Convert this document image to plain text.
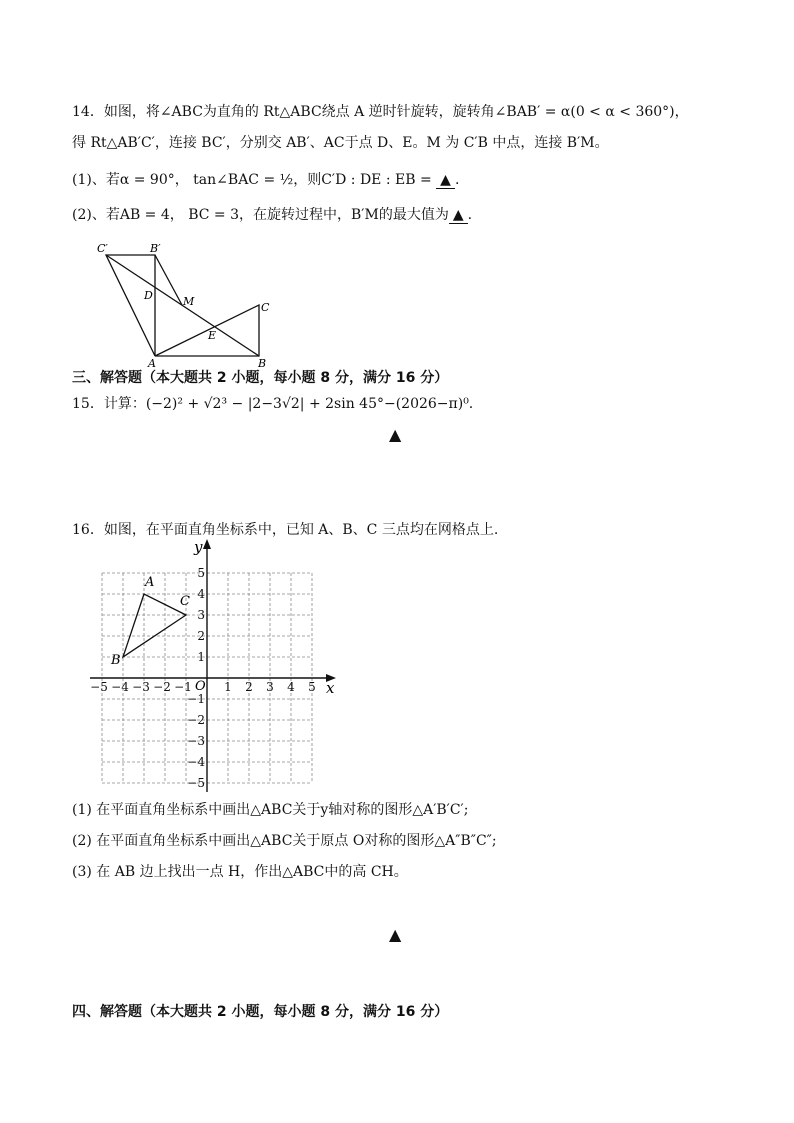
14．如图，将∠ABC为直角的 Rt△ABC绕点 A 逆时针旋转，旋转角∠BAB′ = α(0 < α < 360°)，
得 Rt△AB′C′，连接 BC′，分别交 AB′、AC于点 D、E。M 为 C′B 中点，连接 B′M。
(1)、若α = 90°， tan∠BAC = ½，则C′D : DE : EB = ▲ .
(2)、若AB = 4， BC = 3，在旋转过程中，B′M的最大值为 ▲ .
C′	B′
D	M	C
E
A	B
三、解答题（本大题共 2 小题，每小题 8 分，满分 16 分）
15．计算：(−2)² + √2³ − |2−3√2| + 2sin 45°−(2026−π)⁰.
▲
16．如图，在平面直角坐标系中，已知 A、B、C 三点均在网格点上.
x
y
O
−5 −4 −3 −2 −1	1 2 3 4 5
5
4
3
2
1
−1
−2
−3
−4
−5
A
B
C
(1) 在平面直角坐标系中画出△ABC关于y轴对称的图形△A′B′C′;
(2) 在平面直角坐标系中画出△ABC关于原点 O对称的图形△A″B″C″;
(3) 在 AB 边上找出一点 H，作出△ABC中的高 CH。
▲
四、解答题（本大题共 2 小题，每小题 8 分，满分 16 分）
